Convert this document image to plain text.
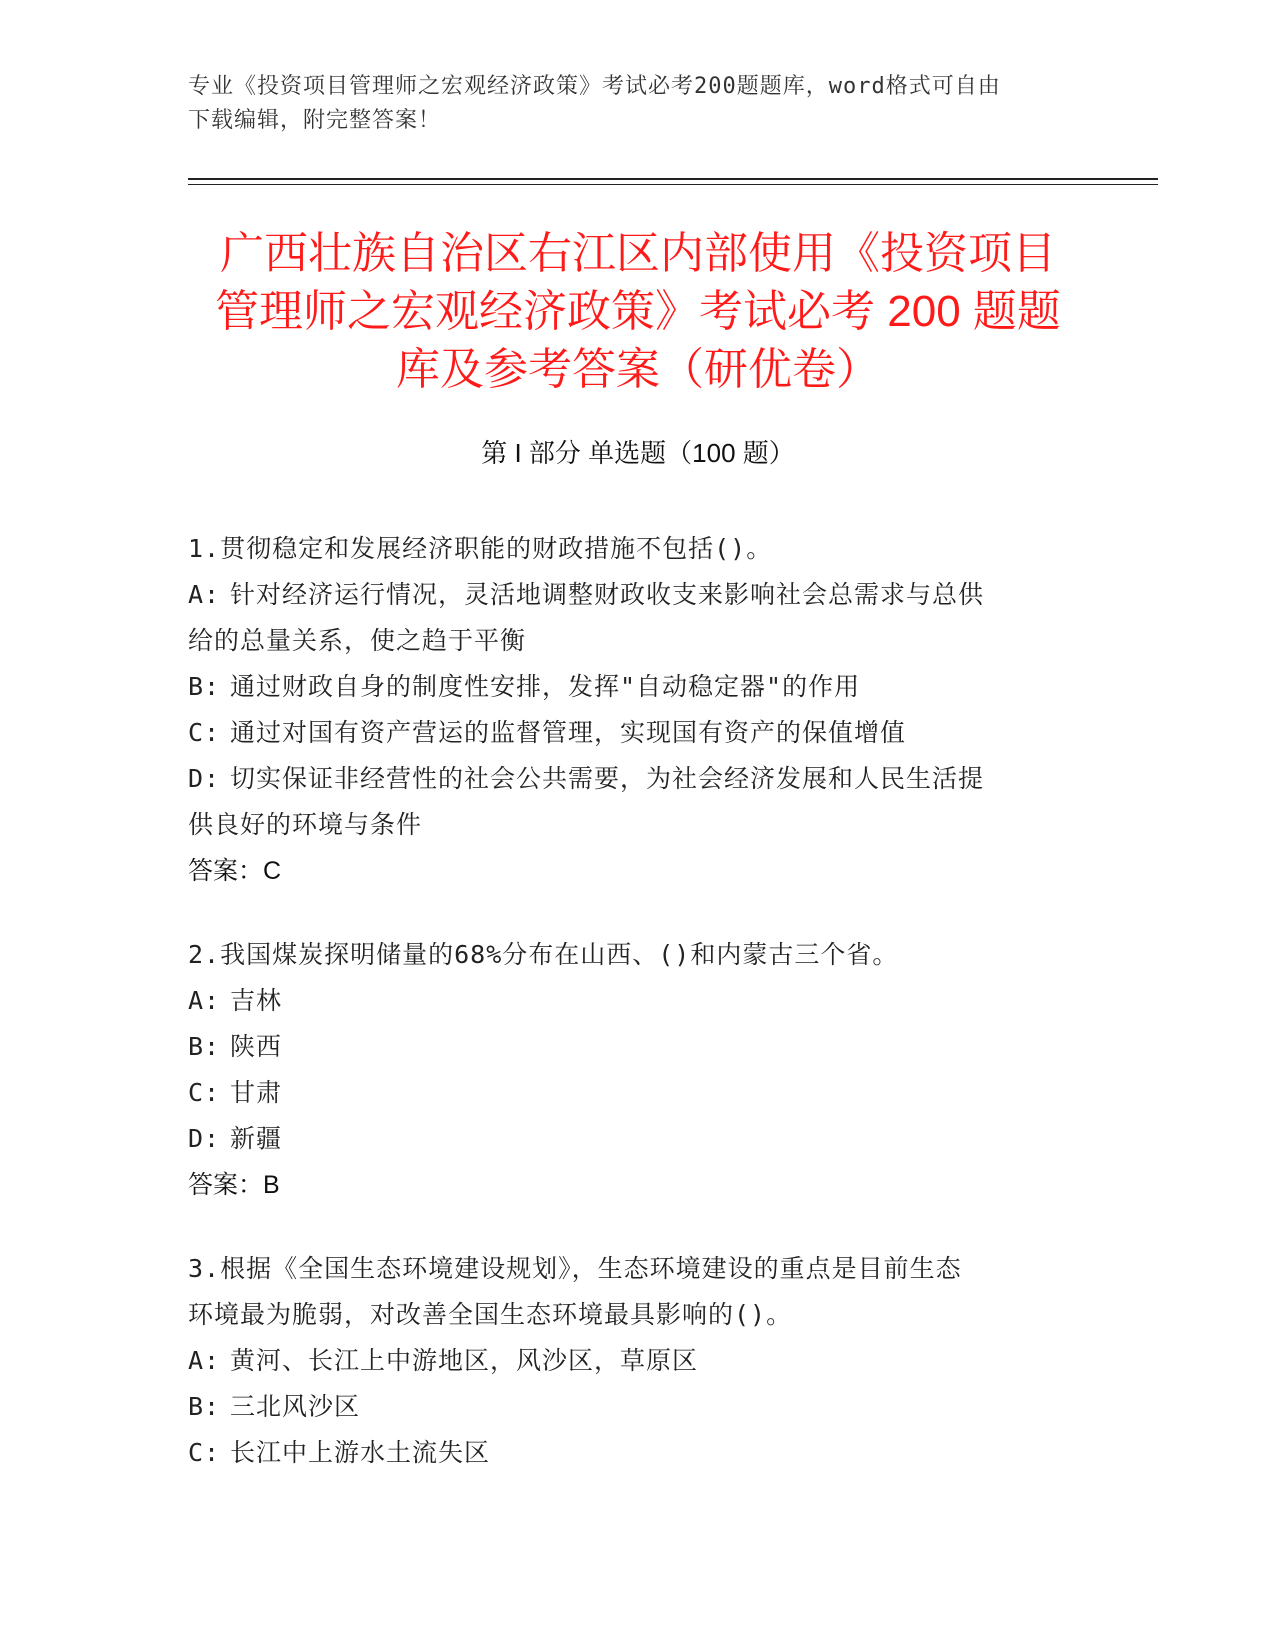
专业《投资项目管理师之宏观经济政策》考试必考200题题库，word格式可自由
下载编辑，附完整答案！
广西壮族自治区右江区内部使用《投资项目
管理师之宏观经济政策》考试必考 200 题题
库及参考答案（研优卷）
第 I 部分 单选题（100 题）
1.贯彻稳定和发展经济职能的财政措施不包括()。
A: 针对经济运行情况，灵活地调整财政收支来影响社会总需求与总供
给的总量关系，使之趋于平衡
B: 通过财政自身的制度性安排，发挥"自动稳定器"的作用
C: 通过对国有资产营运的监督管理，实现国有资产的保值增值
D: 切实保证非经营性的社会公共需要，为社会经济发展和人民生活提
供良好的环境与条件
答案：C
2.我国煤炭探明储量的68%分布在山西、()和内蒙古三个省。
A: 吉林
B: 陕西
C: 甘肃
D: 新疆
答案：B
3.根据《全国生态环境建设规划》，生态环境建设的重点是目前生态
环境最为脆弱，对改善全国生态环境最具影响的()。
A: 黄河、长江上中游地区，风沙区，草原区
B: 三北风沙区
C: 长江中上游水土流失区
